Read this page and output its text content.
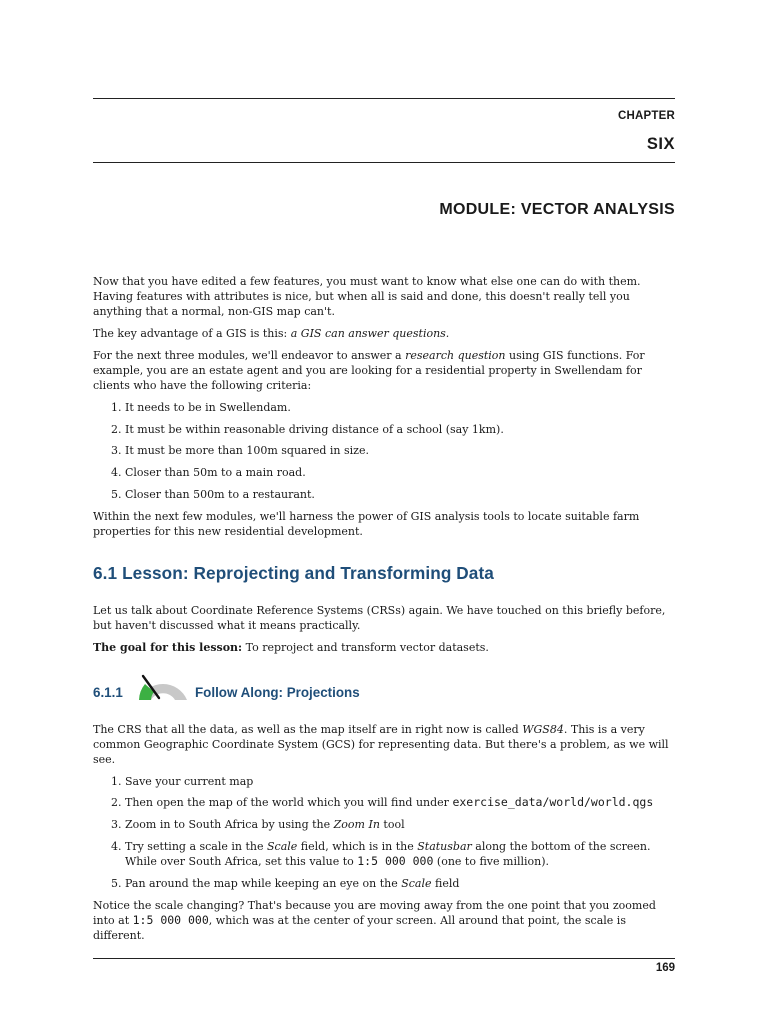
CHAPTER
SIX
MODULE: VECTOR ANALYSIS

Now that you have edited a few features, you must want to know what else one can do with them. Having features with attributes is nice, but when all is said and done, this doesn't really tell you anything that a normal, non-GIS map can't.

The key advantage of a GIS is this: a GIS can answer questions.

For the next three modules, we'll endeavor to answer a research question using GIS functions. For example, you are an estate agent and you are looking for a residential property in Swellendam for clients who have the following criteria:

1. It needs to be in Swellendam.
2. It must be within reasonable driving distance of a school (say 1km).
3. It must be more than 100m squared in size.
4. Closer than 50m to a main road.
5. Closer than 500m to a restaurant.

Within the next few modules, we'll harness the power of GIS analysis tools to locate suitable farm properties for this new residential development.

6.1 Lesson: Reprojecting and Transforming Data

Let us talk about Coordinate Reference Systems (CRSs) again. We have touched on this briefly before, but haven't discussed what it means practically.

The goal for this lesson: To reproject and transform vector datasets.

6.1.1	Follow Along: Projections

The CRS that all the data, as well as the map itself are in right now is called WGS84. This is a very common Geographic Coordinate System (GCS) for representing data. But there's a problem, as we will see.

1. Save your current map
2. Then open the map of the world which you will find under exercise_data/world/world.qgs
3. Zoom in to South Africa by using the Zoom In tool
4. Try setting a scale in the Scale field, which is in the Statusbar along the bottom of the screen. While over South Africa, set this value to 1:5 000 000 (one to five million).
5. Pan around the map while keeping an eye on the Scale field

Notice the scale changing? That's because you are moving away from the one point that you zoomed into at 1:5 000 000, which was at the center of your screen. All around that point, the scale is different.

169
